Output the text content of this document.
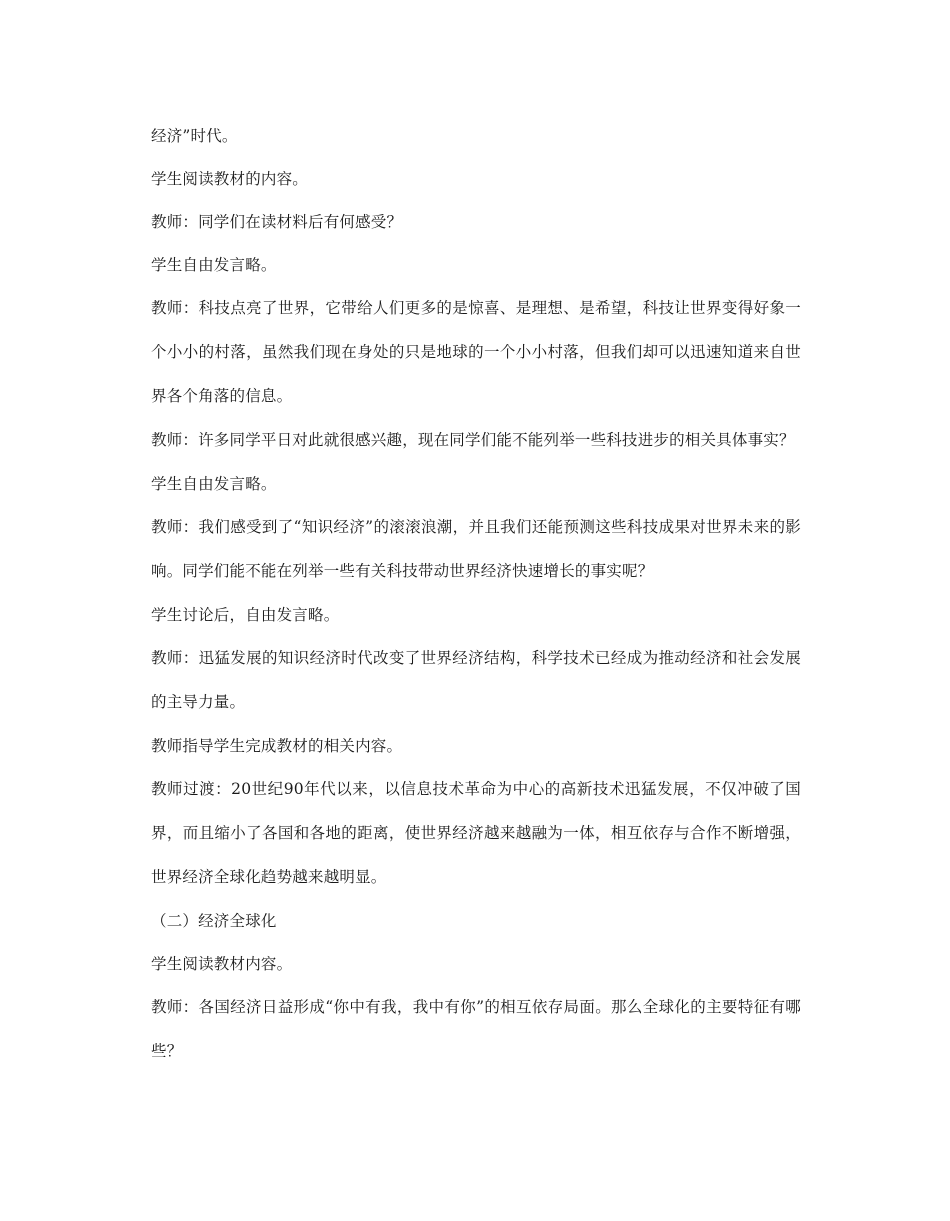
经济”时代。

学生阅读教材的内容。

教师：同学们在读材料后有何感受？

学生自由发言略。

教师：科技点亮了世界，它带给人们更多的是惊喜、是理想、是希望，科技让世界变得好象一个小小的村落，虽然我们现在身处的只是地球的一个小小村落，但我们却可以迅速知道来自世界各个角落的信息。

教师：许多同学平日对此就很感兴趣，现在同学们能不能列举一些科技进步的相关具体事实？

学生自由发言略。

教师：我们感受到了“知识经济”的滚滚浪潮，并且我们还能预测这些科技成果对世界未来的影响。同学们能不能在列举一些有关科技带动世界经济快速增长的事实呢？

学生讨论后，自由发言略。

教师：迅猛发展的知识经济时代改变了世界经济结构，科学技术已经成为推动经济和社会发展的主导力量。

教师指导学生完成教材的相关内容。

教师过渡：20世纪90年代以来，以信息技术革命为中心的高新技术迅猛发展，不仅冲破了国界，而且缩小了各国和各地的距离，使世界经济越来越融为一体，相互依存与合作不断增强，世界经济全球化趋势越来越明显。

（二）经济全球化

学生阅读教材内容。

教师：各国经济日益形成“你中有我，我中有你”的相互依存局面。那么全球化的主要特征有哪些？
